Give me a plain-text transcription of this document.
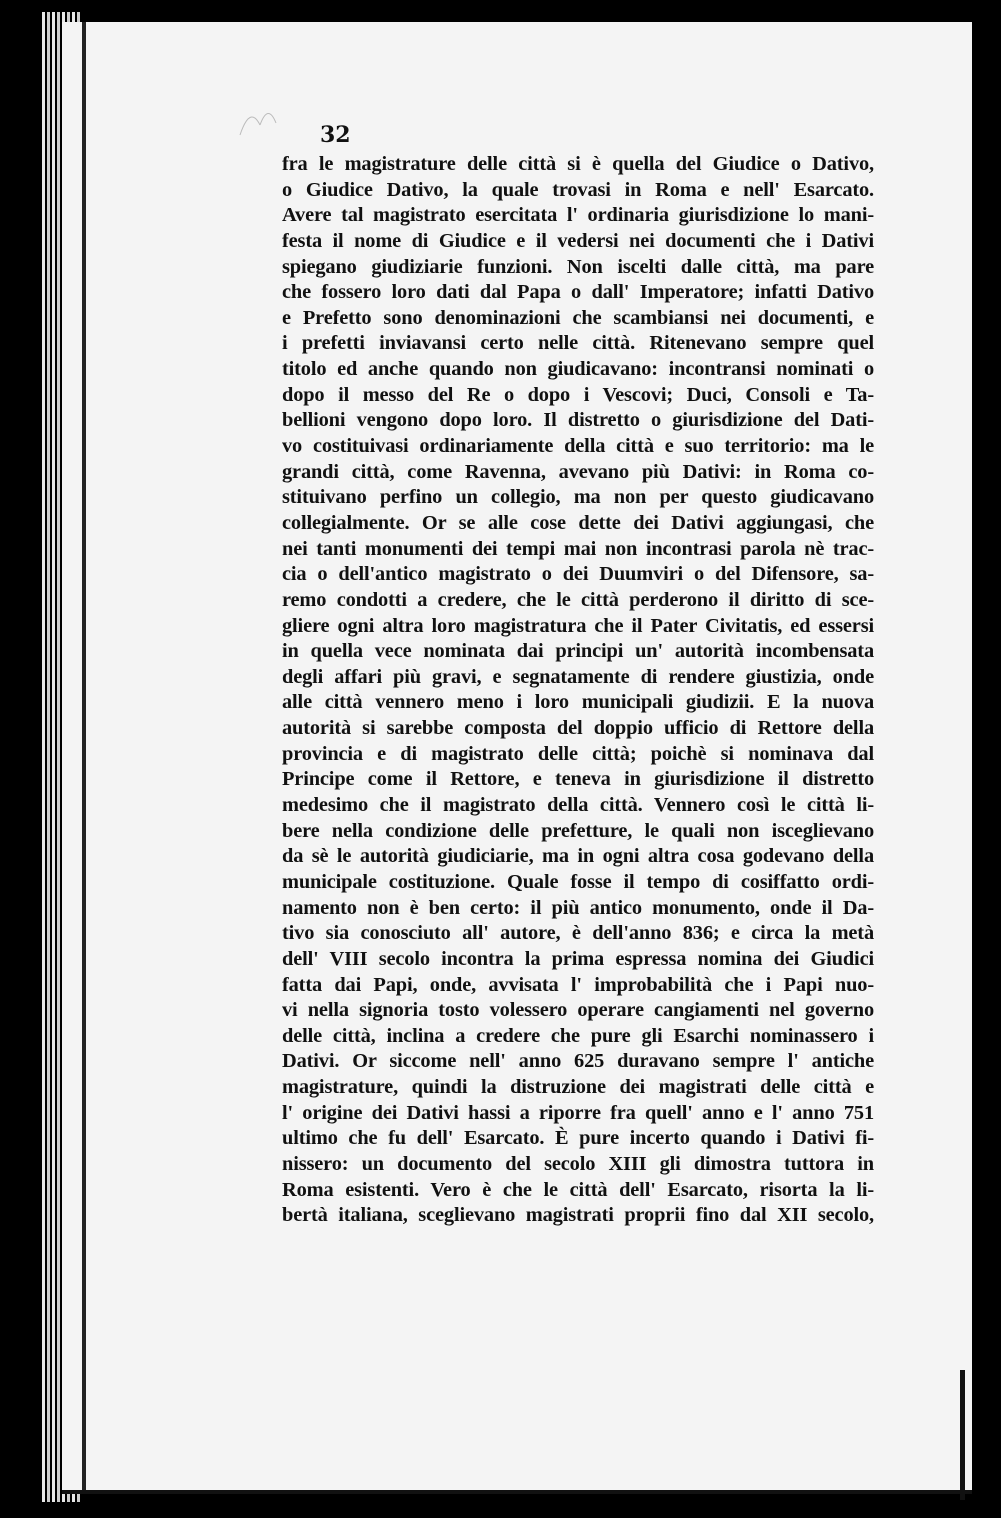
32
fra le magistrature delle città si è quella del Giudice o Dativo,
o Giudice Dativo, la quale trovasi in Roma e nell' Esarcato.
Avere tal magistrato esercitata l' ordinaria giurisdizione lo mani-
festa il nome di Giudice e il vedersi nei documenti che i Dativi
spiegano giudiziarie funzioni. Non iscelti dalle città, ma pare
che fossero loro dati dal Papa o dall' Imperatore; infatti Dativo
e Prefetto sono denominazioni che scambiansi nei documenti, e
i prefetti inviavansi certo nelle città. Ritenevano sempre quel
titolo ed anche quando non giudicavano: incontransi nominati o
dopo il messo del Re o dopo i Vescovi; Duci, Consoli e Ta-
bellioni vengono dopo loro. Il distretto o giurisdizione del Dati-
vo costituivasi ordinariamente della città e suo territorio: ma le
grandi città, come Ravenna, avevano più Dativi: in Roma co-
stituivano perfino un collegio, ma non per questo giudicavano
collegialmente. Or se alle cose dette dei Dativi aggiungasi, che
nei tanti monumenti dei tempi mai non incontrasi parola nè trac-
cia o dell'antico magistrato o dei Duumviri o del Difensore, sa-
remo condotti a credere, che le città perderono il diritto di sce-
gliere ogni altra loro magistratura che il Pater Civitatis, ed essersi
in quella vece nominata dai principi un' autorità incombensata
degli affari più gravi, e segnatamente di rendere giustizia, onde
alle città vennero meno i loro municipali giudizii. E la nuova
autorità si sarebbe composta del doppio ufficio di Rettore della
provincia e di magistrato delle città; poichè si nominava dal
Principe come il Rettore, e teneva in giurisdizione il distretto
medesimo che il magistrato della città. Vennero così le città li-
bere nella condizione delle prefetture, le quali non isceglievano
da sè le autorità giudiciarie, ma in ogni altra cosa godevano della
municipale costituzione. Quale fosse il tempo di cosiffatto ordi-
namento non è ben certo: il più antico monumento, onde il Da-
tivo sia conosciuto all' autore, è dell'anno 836; e circa la metà
dell' VIII secolo incontra la prima espressa nomina dei Giudici
fatta dai Papi, onde, avvisata l' improbabilità che i Papi nuo-
vi nella signoria tosto volessero operare cangiamenti nel governo
delle città, inclina a credere che pure gli Esarchi nominassero i
Dativi. Or siccome nell' anno 625 duravano sempre l' antiche
magistrature, quindi la distruzione dei magistrati delle città e
l' origine dei Dativi hassi a riporre fra quell' anno e l' anno 751
ultimo che fu dell' Esarcato. È pure incerto quando i Dativi fi-
nissero: un documento del secolo XIII gli dimostra tuttora in
Roma esistenti. Vero è che le città dell' Esarcato, risorta la li-
bertà italiana, sceglievano magistrati proprii fino dal XII secolo,
